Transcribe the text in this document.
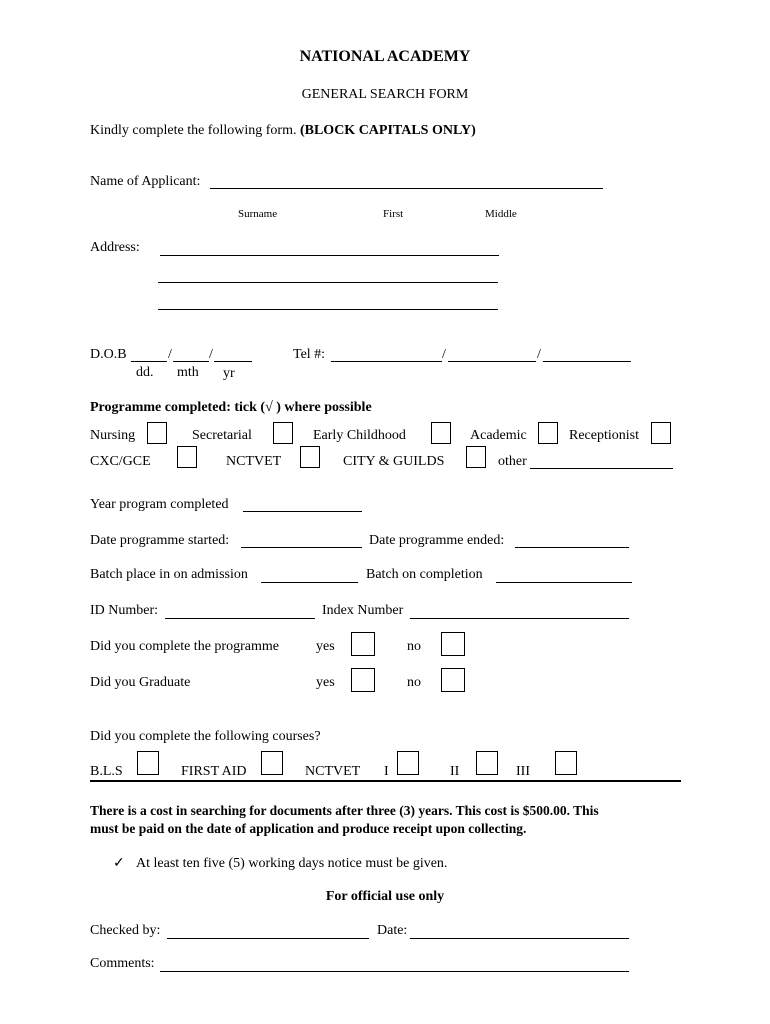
NATIONAL ACADEMY
GENERAL SEARCH FORM
Kindly complete the following form. (BLOCK CAPITALS ONLY)
Name of Applicant:
Surname	First	Middle
Address:
D.O.B	/	/
dd. mth yr
Tel #:	/	/
Programme completed: tick (√ ) where possible
Nursing	Secretarial	Early Childhood	Academic	Receptionist
CXC/GCE	NCTVET	CITY & GUILDS	other
Year program completed
Date programme started:	Date programme ended:
Batch place in on admission	Batch on completion
ID Number:	Index Number
Did you complete the programme	yes	no
Did you Graduate	yes	no
Did you complete the following courses?
B.L.S	FIRST AID	NCTVET I	II	III
There is a cost in searching for documents after three (3) years. This cost is $500.00. This
must be paid on the date of application and produce receipt upon collecting.
✓ At least ten five (5) working days notice must be given.
For official use only
Checked by:	Date:
Comments:
